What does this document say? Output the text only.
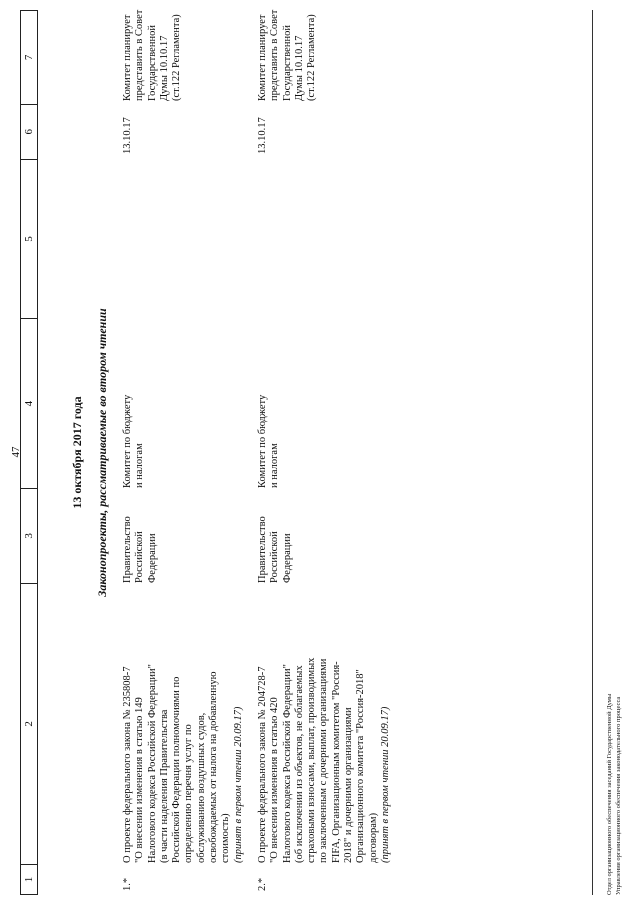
47
1
2
3
4
5
6
7
13 октября 2017 года Законопроекты, рассматриваемые во втором чтении
1.*
О проекте федерального закона № 235808-7 "О внесении изменения в статью 149 Налогового кодекса Российской Федерации" (в части наделения Правительства Российской Федерации полномочиями по определению перечня услуг по обслуживанию воздушных судов, освобождаемых от налога на добавленную стоимость) (принят в первом чтении 20.09.17)
Правительство Российской Федерации
Комитет по бюджету и налогам
13.10.17
Комитет планирует представить в Совет Государственной Думы 10.10.17 (ст.122 Регламента)
2.*
О проекте федерального закона № 204728-7 "О внесении изменения в статью 420 Налогового кодекса Российской Федерации" (об исключении из объектов, не облагаемых страховыми взносами, выплат, производимых по заключенным с дочерними организациями FIFA, Организационным комитетом "Россия- 2018" и дочерними организациями Организационного комитета "Россия-2018" договорам) (принят в первом чтении 20.09.17)
Правительство Российской Федерации
Комитет по бюджету и налогам
13.10.17
Комитет планирует представить в Совет Государственной Думы 10.10.17 (ст.122 Регламента)
Отдел организационного обеспечения заседаний Государственной Думы Управления организационного обеспечения законодательного процесса
